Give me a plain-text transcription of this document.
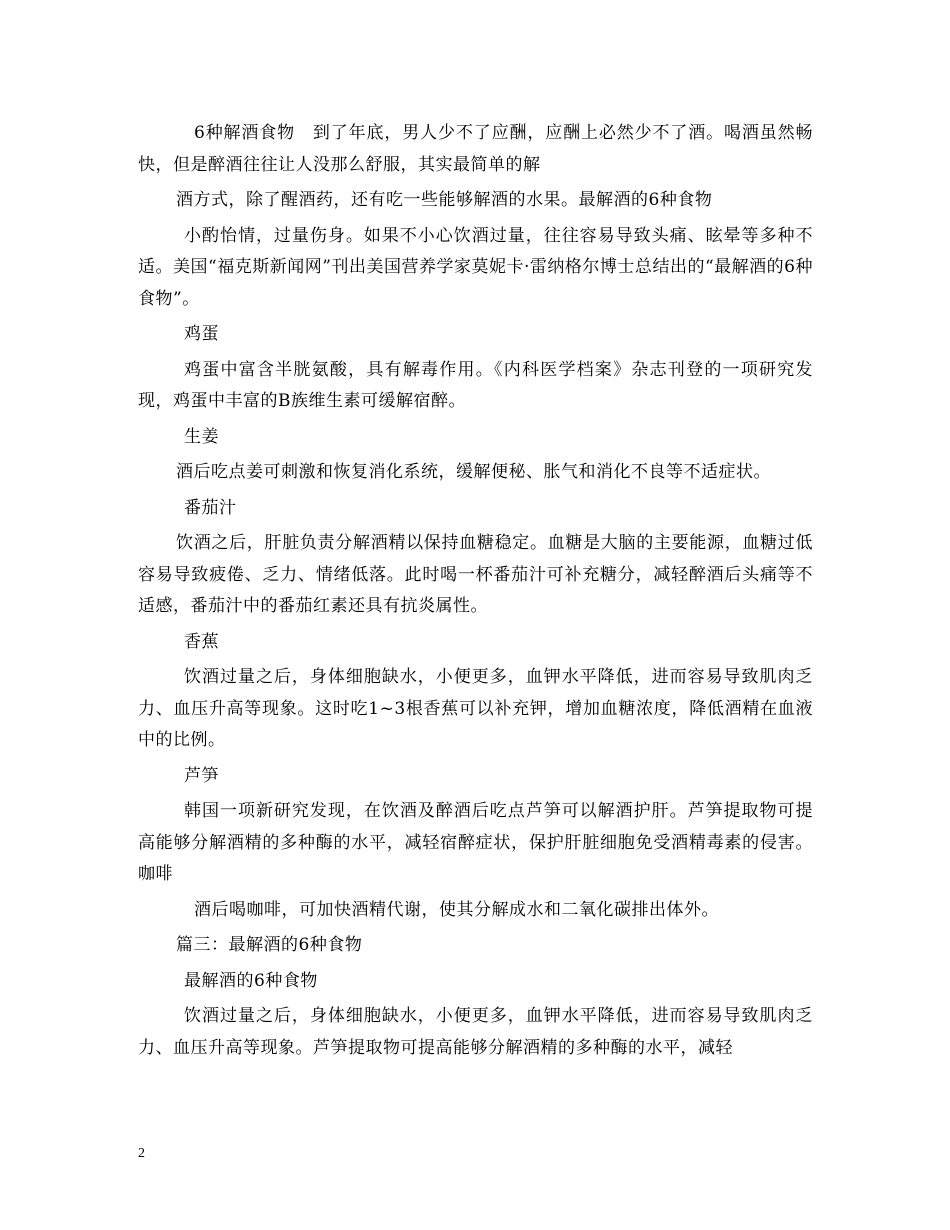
6种解酒食物　到了年底，男人少不了应酬，应酬上必然少不了酒。喝酒虽然畅快，但是醉酒往往让人没那么舒服，其实最简单的解

酒方式，除了醒酒药，还有吃一些能够解酒的水果。最解酒的6种食物

小酌怡情，过量伤身。如果不小心饮酒过量，往往容易导致头痛、眩晕等多种不适。美国“福克斯新闻网”刊出美国营养学家莫妮卡·雷纳格尔博士总结出的“最解酒的6种食物”。

鸡蛋

鸡蛋中富含半胱氨酸，具有解毒作用。《内科医学档案》杂志刊登的一项研究发现，鸡蛋中丰富的B族维生素可缓解宿醉。

生姜

酒后吃点姜可刺激和恢复消化系统，缓解便秘、胀气和消化不良等不适症状。

番茄汁

饮酒之后，肝脏负责分解酒精以保持血糖稳定。血糖是大脑的主要能源，血糖过低容易导致疲倦、乏力、情绪低落。此时喝一杯番茄汁可补充糖分，减轻醉酒后头痛等不适感，番茄汁中的番茄红素还具有抗炎属性。

香蕉

饮酒过量之后，身体细胞缺水，小便更多，血钾水平降低，进而容易导致肌肉乏力、血压升高等现象。这时吃1~3根香蕉可以补充钾，增加血糖浓度，降低酒精在血液中的比例。

芦笋

韩国一项新研究发现，在饮酒及醉酒后吃点芦笋可以解酒护肝。芦笋提取物可提高能够分解酒精的多种酶的水平，减轻宿醉症状，保护肝脏细胞免受酒精毒素的侵害。咖啡

酒后喝咖啡，可加快酒精代谢，使其分解成水和二氧化碳排出体外。

篇三：最解酒的6种食物

最解酒的6种食物

饮酒过量之后，身体细胞缺水，小便更多，血钾水平降低，进而容易导致肌肉乏力、血压升高等现象。芦笋提取物可提高能够分解酒精的多种酶的水平，减轻

2
